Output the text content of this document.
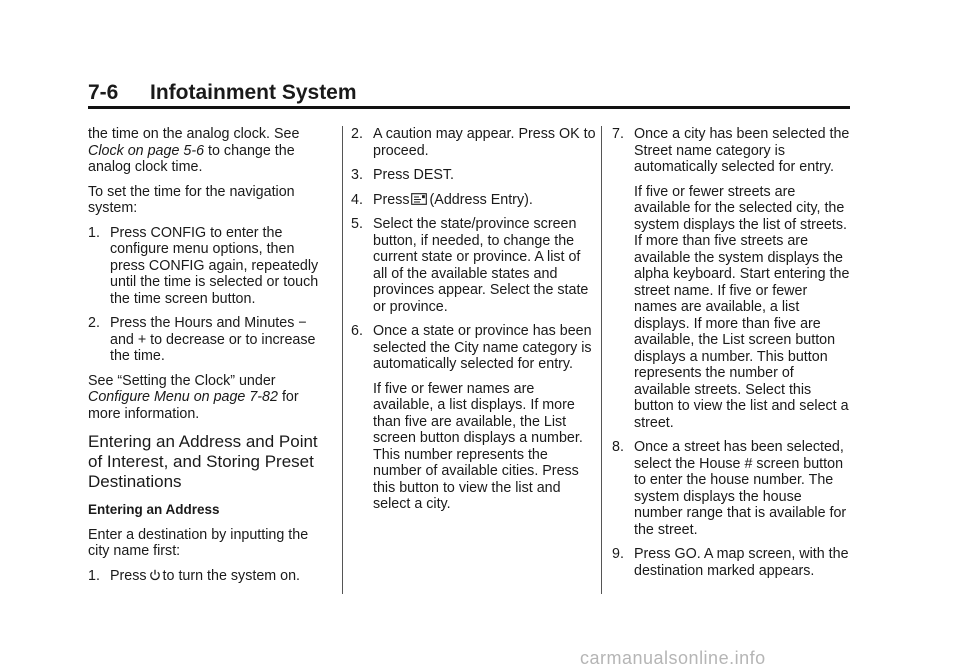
7-6 Infotainment System

the time on the analog clock. See Clock on page 5-6 to change the analog clock time.

To set the time for the navigation system:

1. Press CONFIG to enter the configure menu options, then press CONFIG again, repeatedly until the time is selected or touch the time screen button.
2. Press the Hours and Minutes − and + to decrease or to increase the time.

See “Setting the Clock” under Configure Menu on page 7-82 for more information.

Entering an Address and Point of Interest, and Storing Preset Destinations
Entering an Address

Enter a destination by inputting the city name first:

1. Press to turn the system on.
2. A caution may appear. Press OK to proceed.
3. Press DEST.
4. Press (Address Entry).
5. Select the state/province screen button, if needed, to change the current state or province. A list of all of the available states and provinces appear. Select the state or province.
6. Once a state or province has been selected the City name category is automatically selected for entry.

If five or fewer names are available, a list displays. If more than five are available, the List screen button displays a number. This number represents the number of available cities. Press this button to view the list and select a city.

7. Once a city has been selected the Street name category is automatically selected for entry.

If five or fewer streets are available for the selected city, the system displays the list of streets. If more than five streets are available the system displays the alpha keyboard. Start entering the street name. If five or fewer names are available, a list displays. If more than five are available, the List screen button displays a number. This button represents the number of available streets. Select this button to view the list and select a street.

8. Once a street has been selected, select the House # screen button to enter the house number. The system displays the house number range that is available for the street.
9. Press GO. A map screen, with the destination marked appears.
carmanualsonline.info
